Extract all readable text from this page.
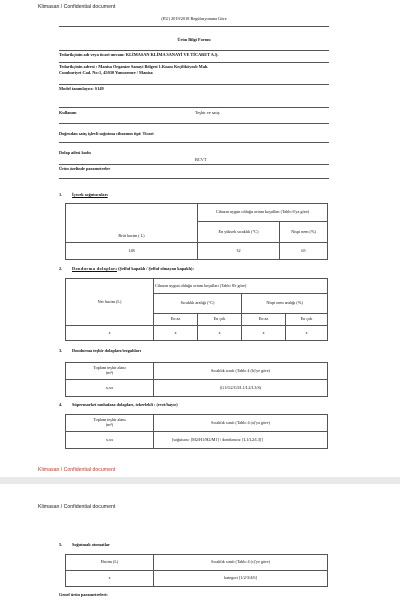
Klimasan / Confidential document
(EU) 2019/2018 Regülasyonuna Göre
Ürün Bilgi Formu
Tedarikçinin adı veya ticari unvanı: KLİMASAN KLİMA SANAYİ VE TİCARET A.Ş.
Tedarikçinin adresi : Manisa Organize Sanayi Bölgesi 1.Kısım Keçiliköyosb Mah.
Cumhuriyet Cad. No:1, 45030 Yunusemre / Manisa
Model tanımlayıcı: S149
Kullanım	Teşhir ve satış
Doğrudan satış işlevli soğutma cihazının tipi: Ticari
Dolap ailesi kodu
BCVT
Ürün özelinde parametreler
1. İçecek soğutucuları
Brüt hacim ( L)	Cihazın uygun olduğu ortam koşulları (Tablo 6'ya göre)	
	En yüksek sıcaklık (°C)	Nispi nem (%)
148	32	65
2. Dondurma dolapları (Şeffaf kapaklı / Şeffaf olmayan kapaklı):
Net hacim (L)	Cihazın uygun olduğu ortam koşulları (Tablo 8'e göre)			
	Sıcaklık aralığı (°C)		Nispi nem aralığı (%)	
	En az	En çok	En az	En çok
x	x	x	x	x
3. Dondurma teşhir dolapları/tezgahları
Toplam teşhir alanı
(m²)	Sıcaklık sınıfı (Tablo 4 (b)'ye göre)
x,xx	(G1/G2/G3/L1/L2/L3/S)
4. Süpermarket muhafaza dolapları, tekerlekli : (evet/hayır)
Toplam teşhir alanı
(m²)	Sıcaklık sınıfı (Tablo 4 (a)'ya göre)
x,xx	[soğutucu: [M2/H1/H2/M1] / dondurucu: [L1/L2/L3]]
Klimasan / Confidential document
Klimasan / Confidential document
5. Soğutmalı otomatlar
Hacim (L)	Sıcaklık sınıfı (Tablo 4 (c)'ye göre)
x	kategori [1/2/3/4/6]
Genel ürün parametreleri:
